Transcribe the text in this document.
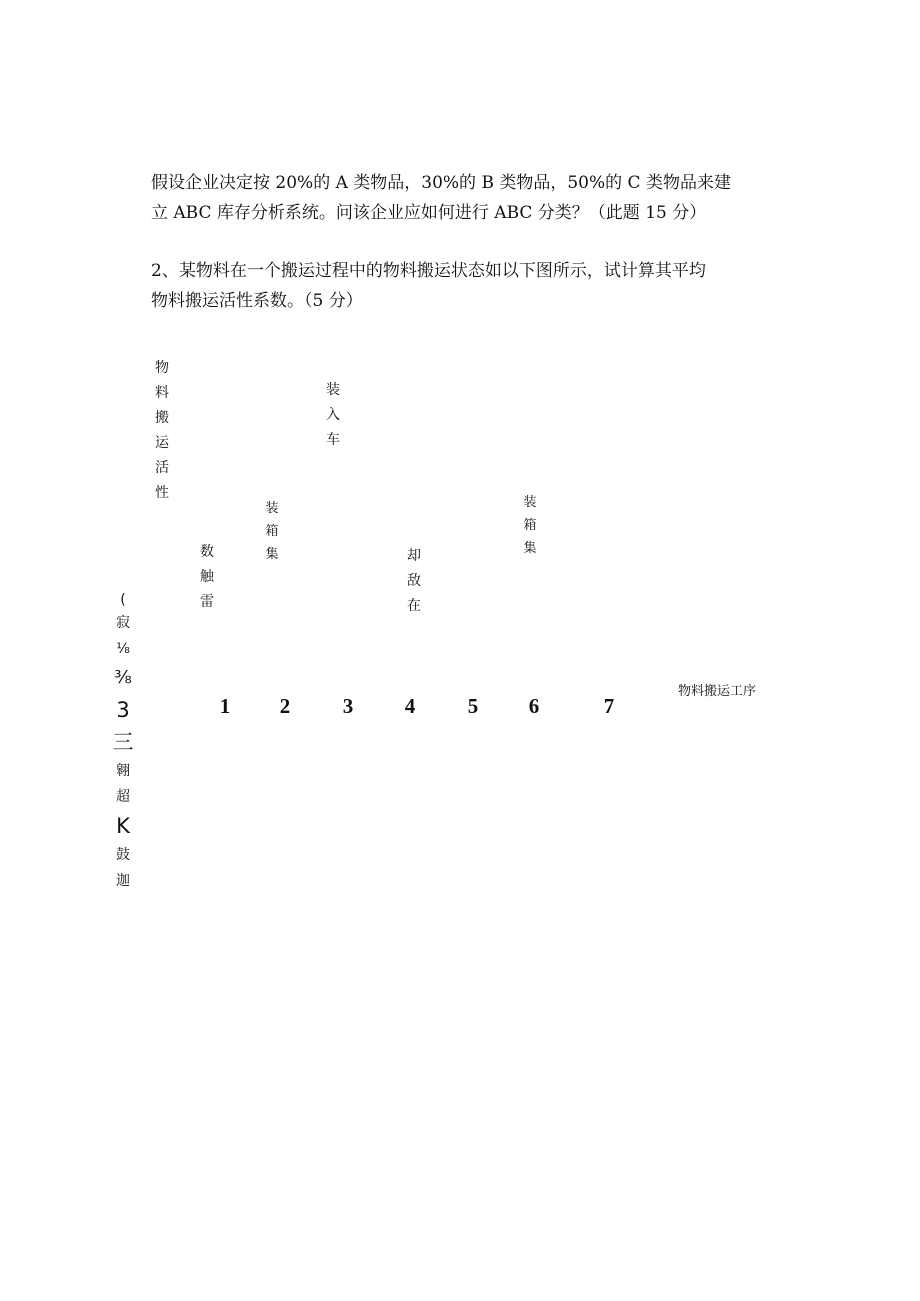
假设企业决定按 20%的 A 类物品，30%的 B 类物品，50%的 C 类物品来建

立 ABC 库存分析系统。问该企业应如何进行 ABC 分类？（此题 15 分）

2、某物料在一个搬运过程中的物料搬运状态如以下图所示，试计算其平均

物料搬运活性系数。（5 分）

物料搬运活性
数触雷
装箱集
装入车
却敌在
装箱集
1	2	3	4	5	6	7
物料搬运工序
(
寂
⅛
⅜
3
三
翱
超
K
鼓
迦
